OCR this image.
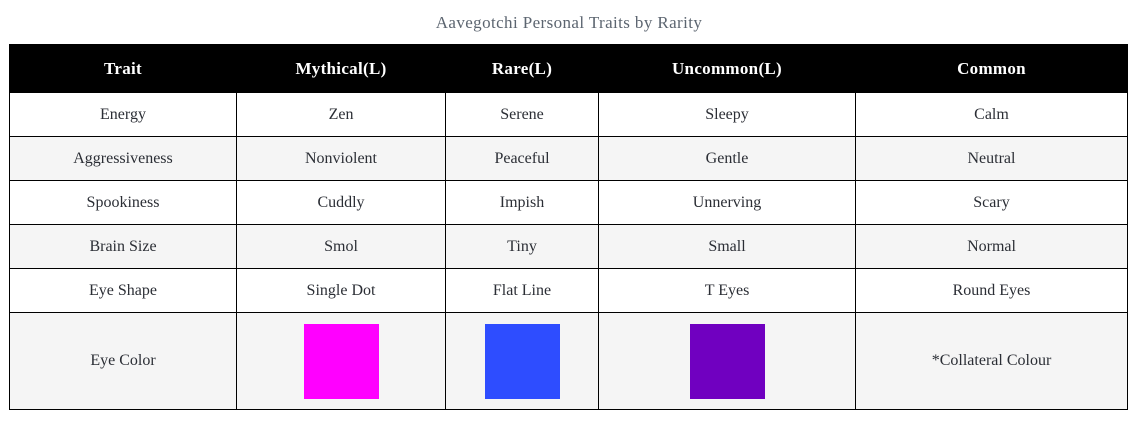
Aavegotchi Personal Traits by Rarity
Trait	Mythical(L)	Rare(L)	Uncommon(L)	Common
Energy	Zen	Serene	Sleepy	Calm
Aggressiveness	Nonviolent	Peaceful	Gentle	Neutral
Spookiness	Cuddly	Impish	Unnerving	Scary
Brain Size	Smol	Tiny	Small	Normal
Eye Shape	Single Dot	Flat Line	T Eyes	Round Eyes
Eye Color				*Collateral Colour
